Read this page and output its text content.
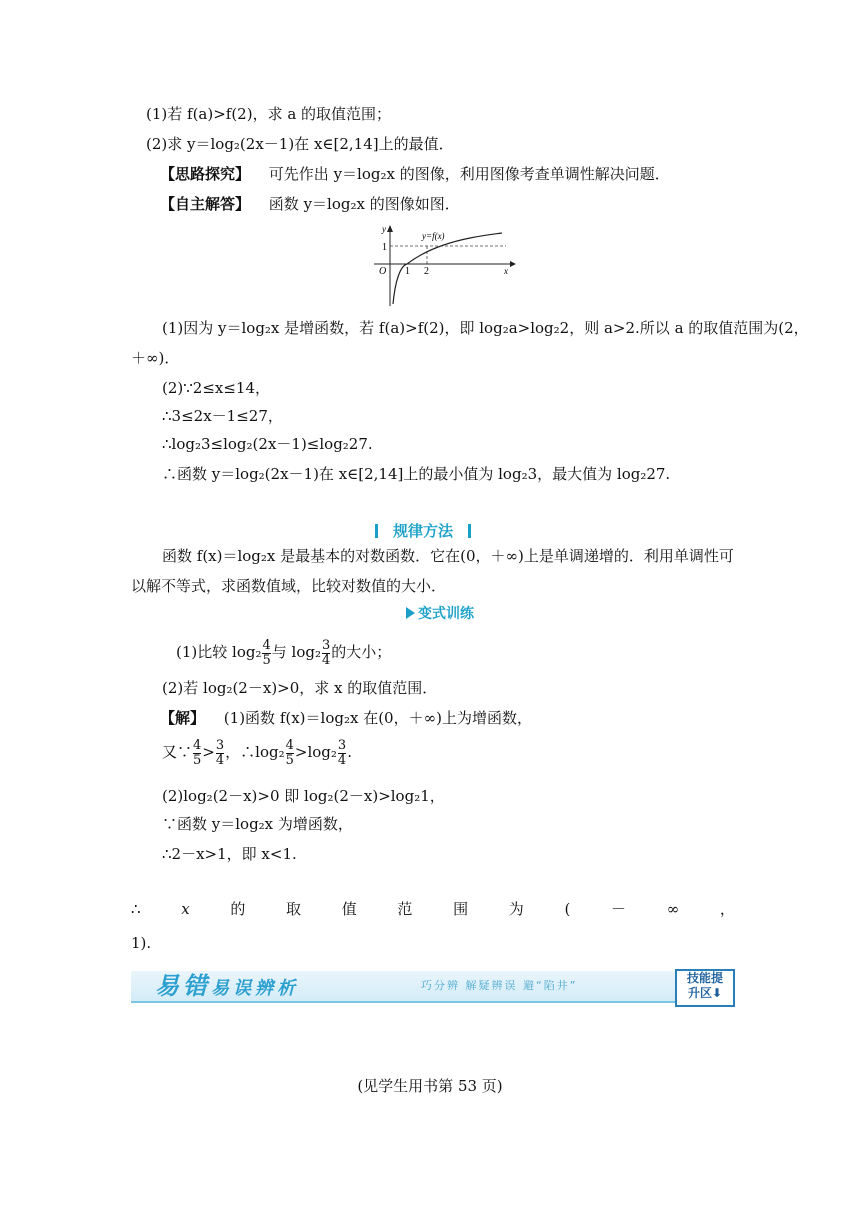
(1)若 f(a)>f(2)，求 a 的取值范围；
(2)求 y＝log₂(2x－1)在 x∈[2,14]上的最值．
【思路探究】 可先作出 y＝log₂x 的图像，利用图像考查单调性解决问题．
【自主解答】 函数 y＝log₂x 的图像如图．
y
x
O 1 2
1
y=f(x)
(1)因为 y＝log₂x 是增函数，若 f(a)>f(2)，即 log₂a>log₂2，则 a>2.所以 a 的取值范围为(2，
＋∞)．
(2)∵2≤x≤14，
∴3≤2x－1≤27，
∴log₂3≤log₂(2x－1)≤log₂27.
∴函数 y＝log₂(2x－1)在 x∈[2,14]上的最小值为 log₂3，最大值为 log₂27.
规律方法
函数 f(x)＝log₂x 是最基本的对数函数．它在(0，＋∞)上是单调递增的．利用单调性可
以解不等式，求函数值域，比较对数值的大小．
变式训练
(1)比较 $\log_2 \frac{4}{5}$ 与 $\log_2 \frac{3}{4}$ 的大小；
(2)若 log₂(2－x)>0，求 x 的取值范围．
【解】 (1)函数 f(x)＝log₂x 在(0，＋∞)上为增函数，
又∵ $\frac{4}{5} > \frac{3}{4}$ ，∴log₂ $\frac{4}{5} >\log_2 \frac{3}{4}$ .
(2)log₂(2－x)>0 即 log₂(2－x)>log₂1，
∵函数 y＝log₂x 为增函数，
∴2－x>1，即 x<1.
∴	x	的	取	值	范	围	为	(	－	∞	，
1).
易错易误辨析	巧分辨 解疑辨误 避“陷井”
技能提
升区⬇
(见学生用书第 53 页)
